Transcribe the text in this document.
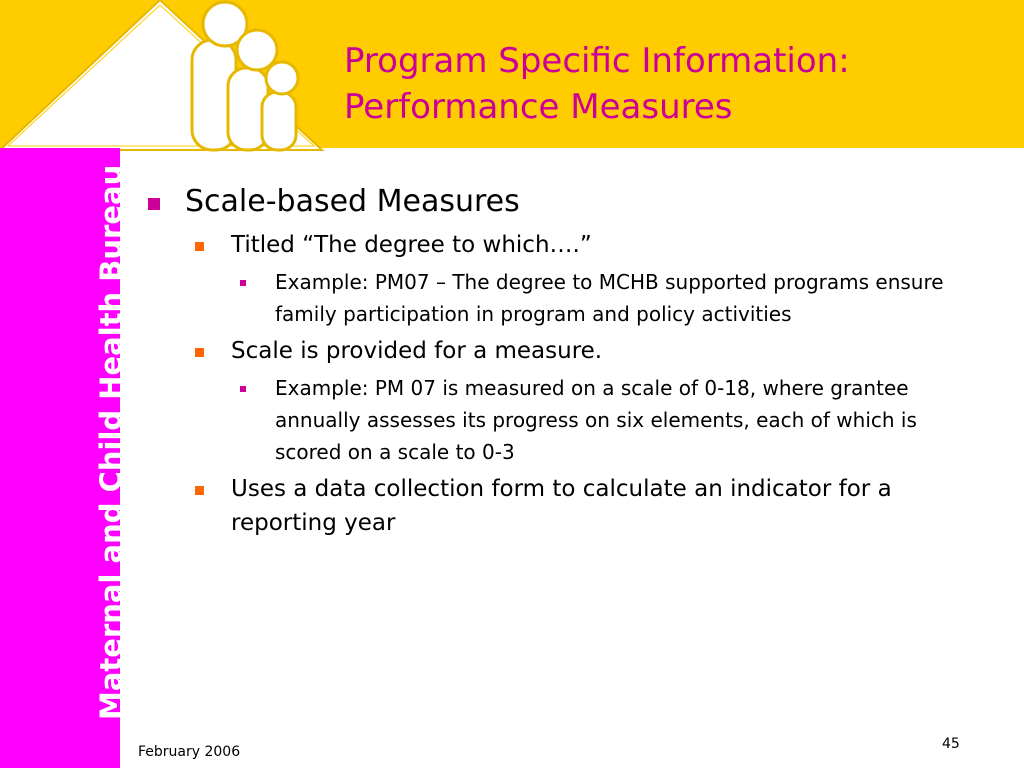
Program Specific Information:
Performance Measures
Maternal and Child Health Bureau	Scale-based Measures
Titled “The degree to which….”
Example: PM07 – The degree to MCHB supported programs ensure family participation in program and policy activities
Scale is provided for a measure.
Example: PM 07 is measured on a scale of 0-18, where grantee annually assesses its progress on six elements, each of which is scored on a scale to 0-3
Uses a data collection form to calculate an indicator for a reporting year
February 2006	45
